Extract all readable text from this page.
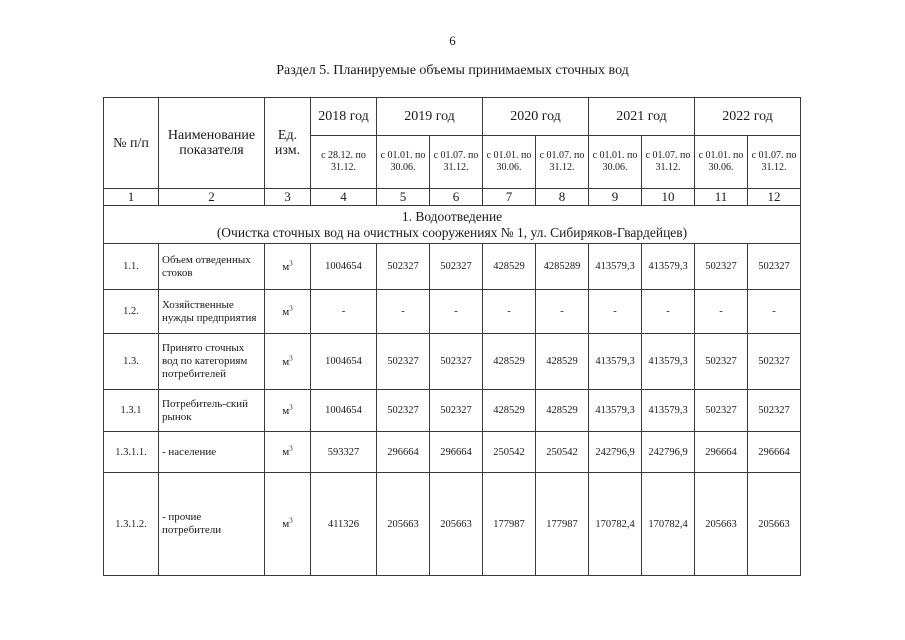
6
Раздел 5. Планируемые объемы принимаемых сточных вод
№ п/п	Наименование показателя	Ед. изм.	2018 год	2019 год		2020 год		2021 год		2022 год	
			с 28.12. по 31.12.	с 01.01. по 30.06.	с 01.07. по 31.12.	с 01.01. по 30.06.	с 01.07. по 31.12.	с 01.01. по 30.06.	с 01.07. по 31.12.	с 01.01. по 30.06.	с 01.07. по 31.12.
1	2	3	4	5	6	7	8	9	10	11	12

1. Водоотведение
(Очистка сточных вод на очистных сооружениях № 1, ул. Сибиряков-Гвардейцев)											

1.1.	Объем отведенных стоков	$м^3$	1004654	502327	502327	428529	4285289	413579,3	413579,3	502327	502327
1.2.	Хозяйственные нужды предприятия	$м^3$	-	-	-	-	-	-	-	-	-
1.3.	Принято сточных вод по категориям потребителей	$м^3$	1004654	502327	502327	428529	428529	413579,3	413579,3	502327	502327
1.3.1	Потребитель-ский рынок	$м^3$	1004654	502327	502327	428529	428529	413579,3	413579,3	502327	502327
1.3.1.1.	- население	$м^3$	593327	296664	296664	250542	250542	242796,9	242796,9	296664	296664
1.3.1.2.	- прочие потребители	$м^3$	411326	205663	205663	177987	177987	170782,4	170782,4	205663	205663
